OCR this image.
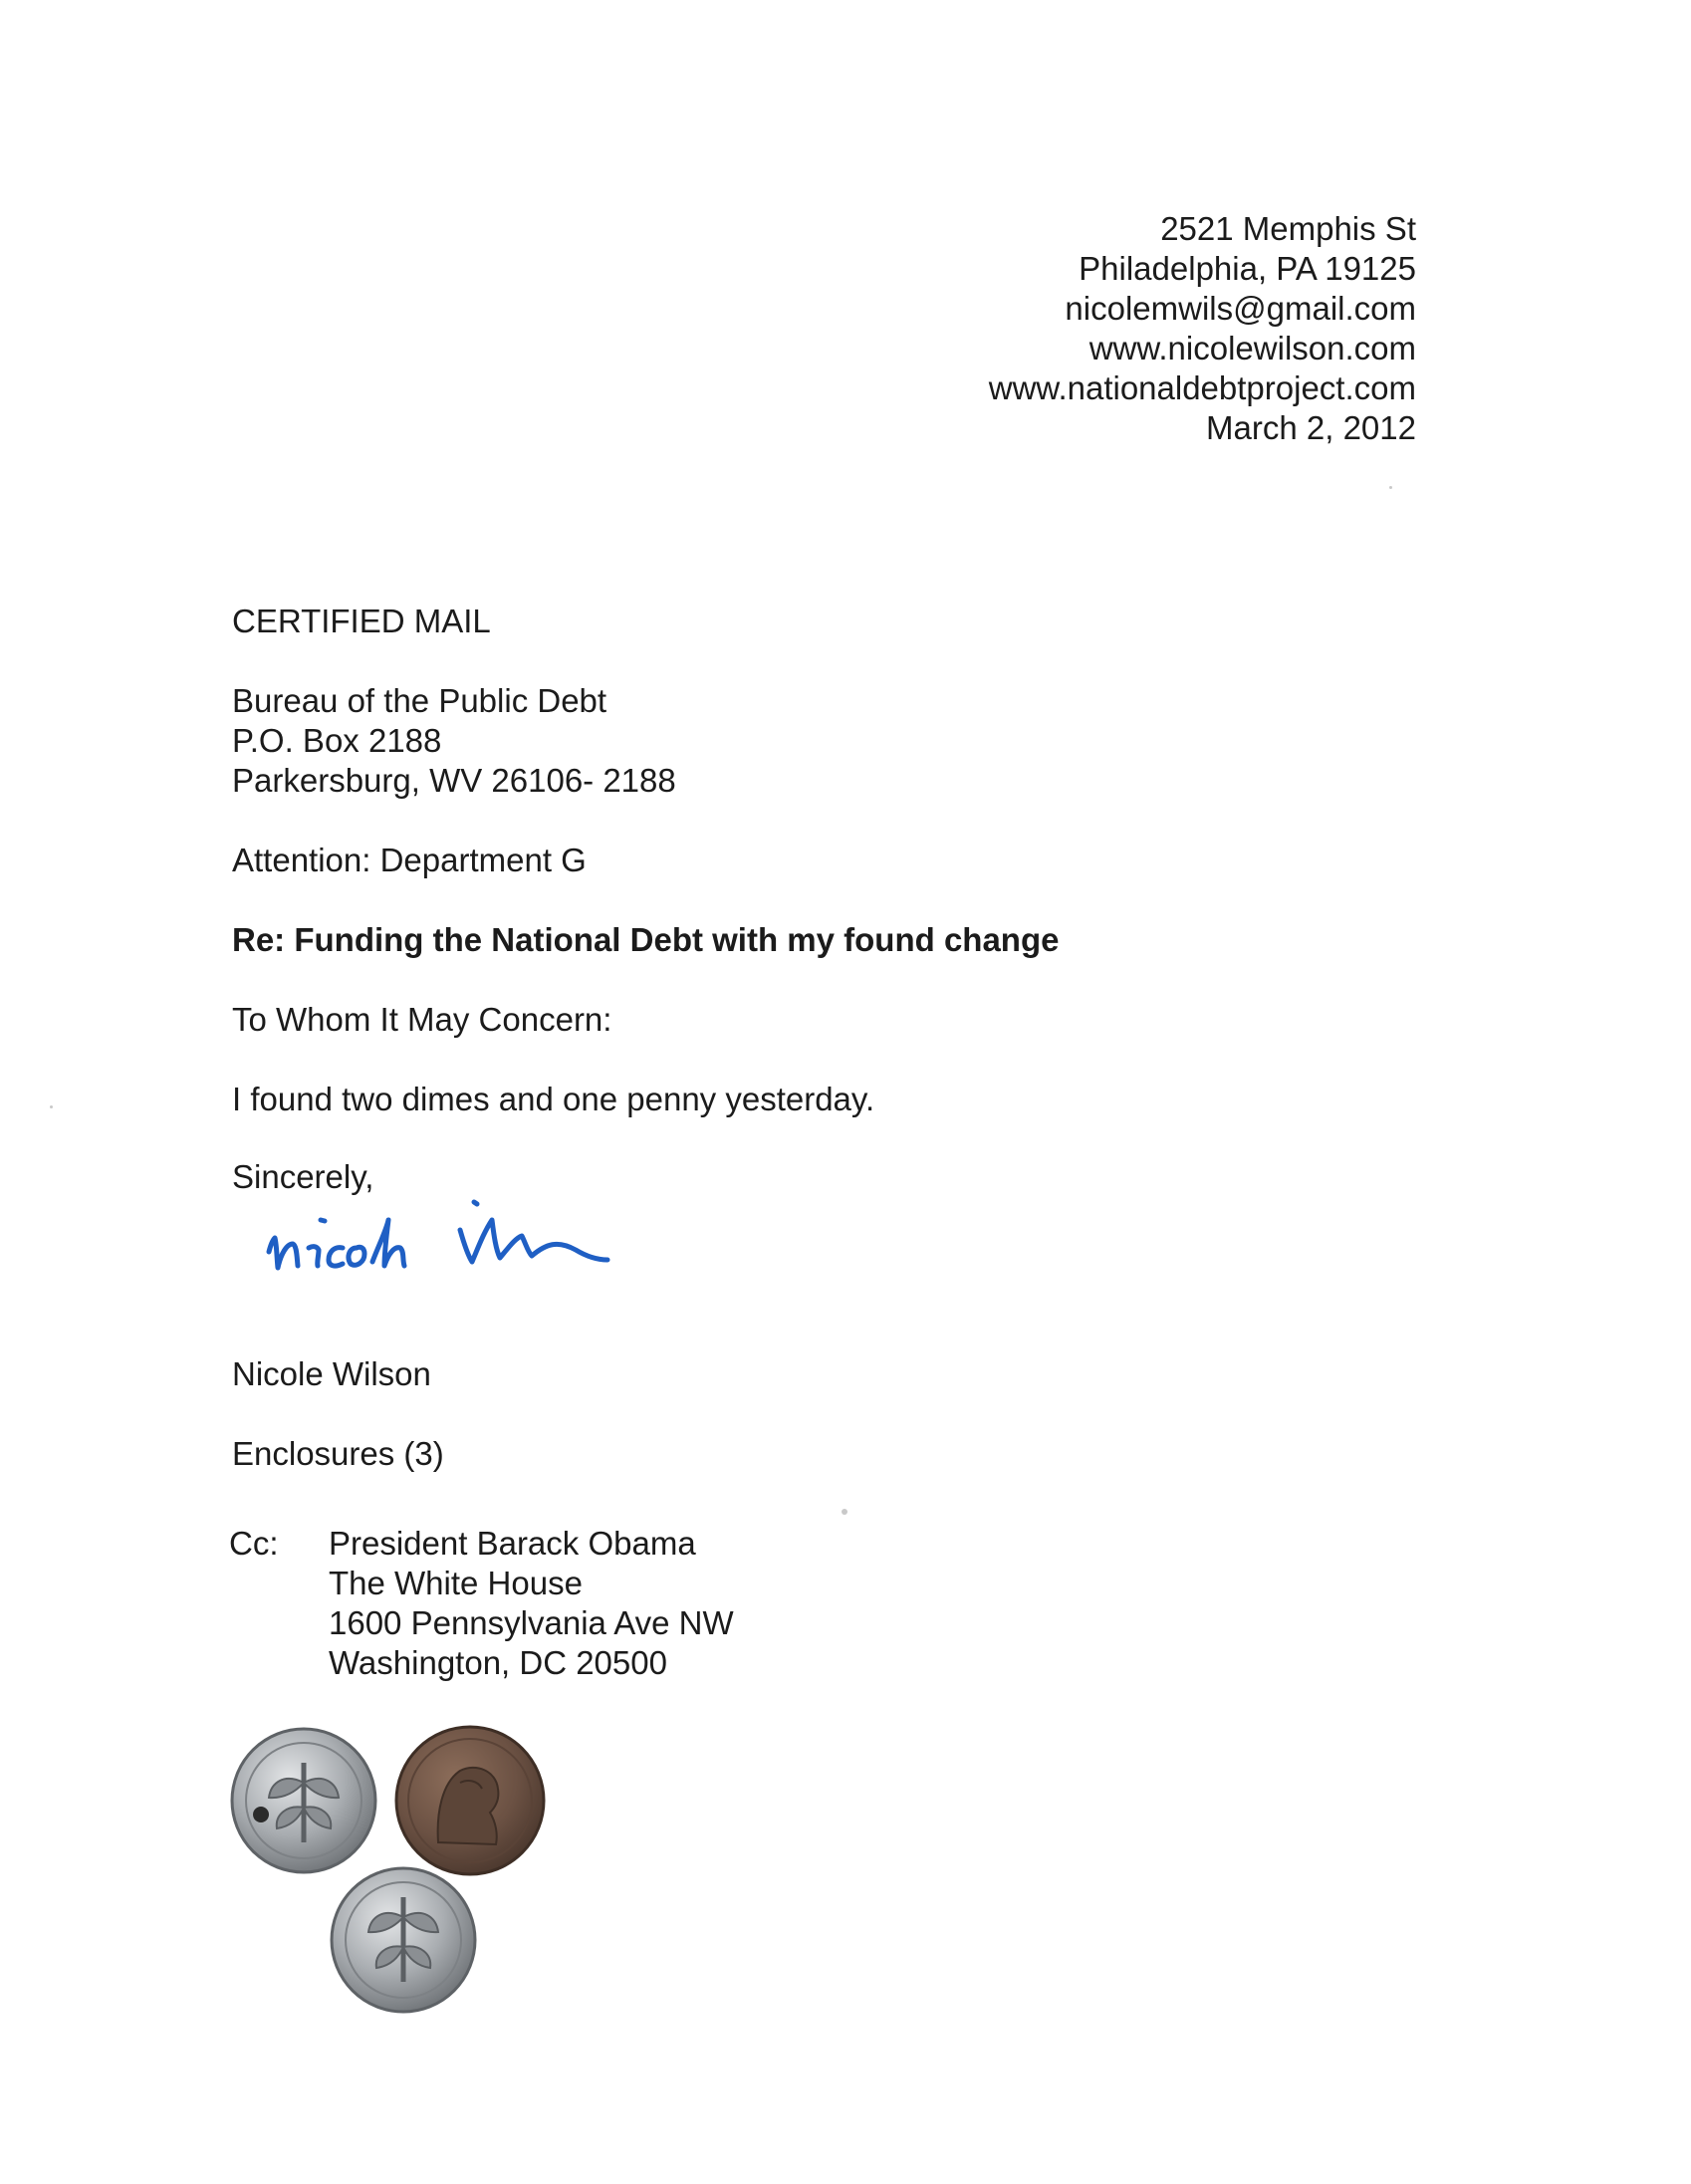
2521 Memphis St
Philadelphia, PA 19125
nicolemwils@gmail.com
www.nicolewilson.com
www.nationaldebtproject.com
March 2, 2012
CERTIFIED MAIL
Bureau of the Public Debt
P.O. Box 2188
Parkersburg, WV 26106- 2188
Attention: Department G
Re: Funding the National Debt with my found change
To Whom It May Concern:
I found two dimes and one penny yesterday.
Sincerely,
Nicole Wilson
Enclosures (3)
Cc: President Barack Obama
The White House
1600 Pennsylvania Ave NW
Washington, DC 20500
